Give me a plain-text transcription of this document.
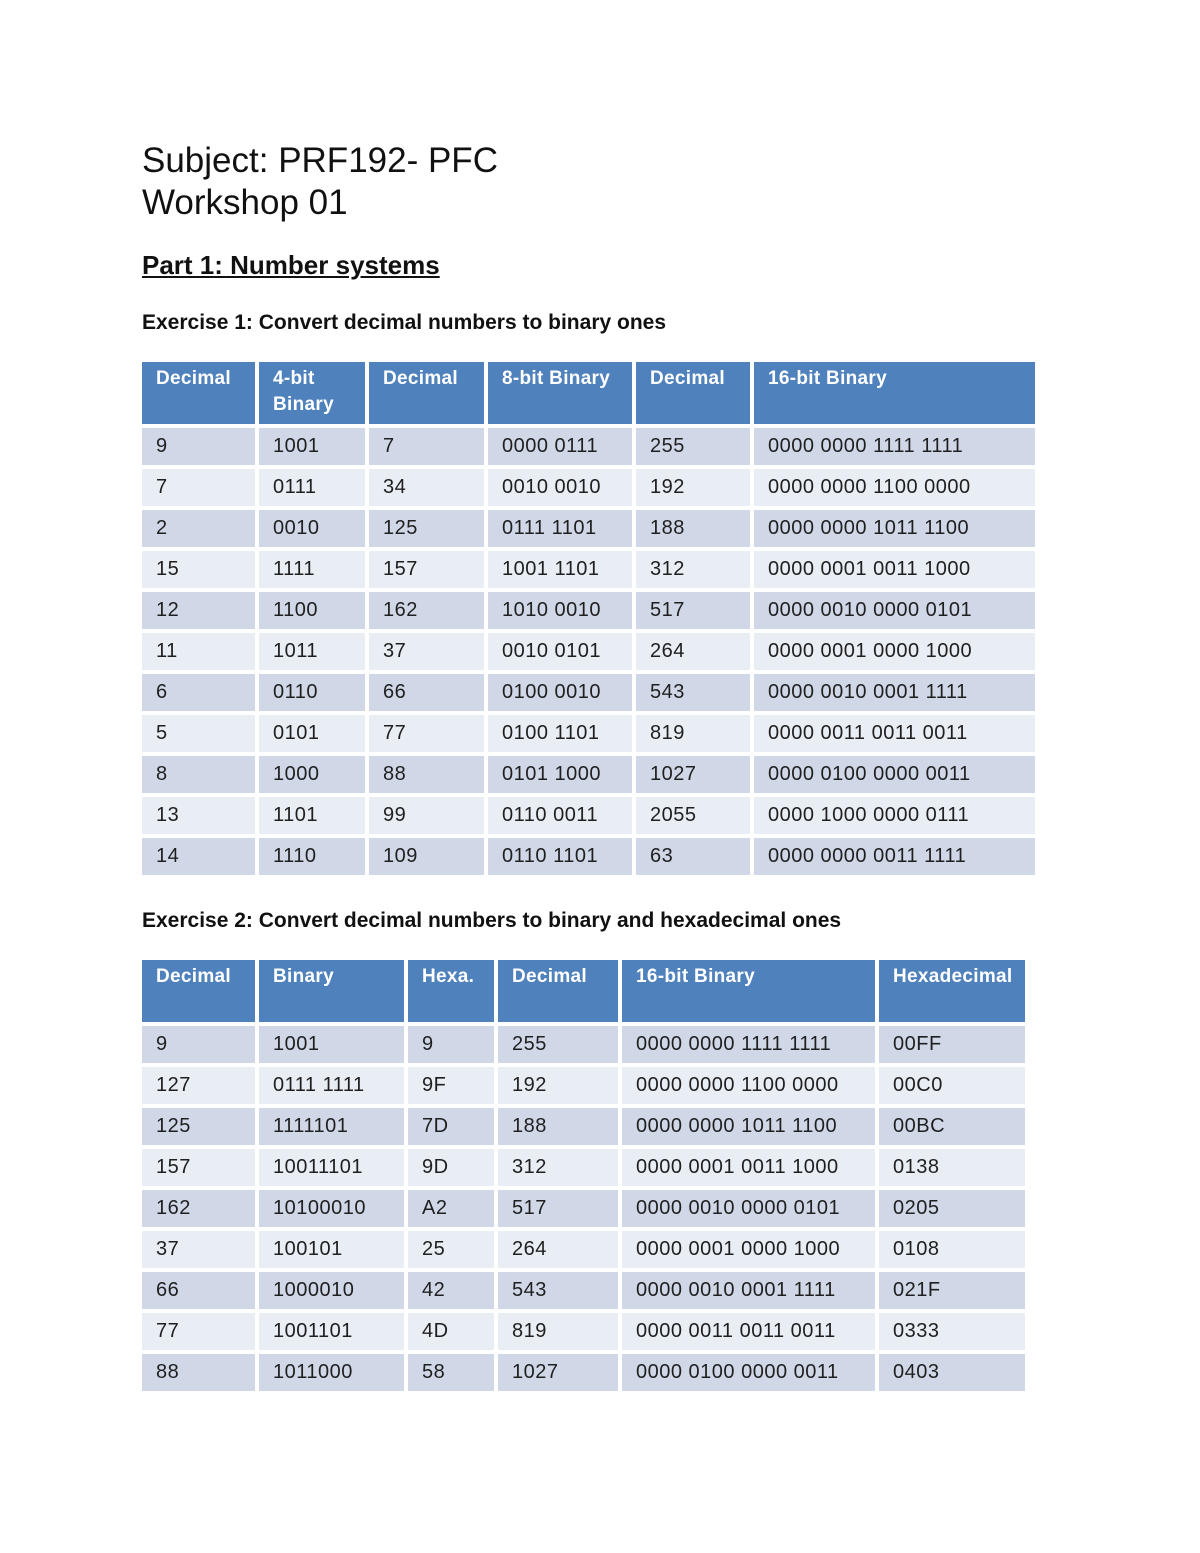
Subject: PRF192- PFC
Workshop 01
Part 1: Number systems
Exercise 1: Convert decimal numbers to binary ones
Decimal	4-bit Binary	Decimal	8-bit Binary	Decimal	16-bit Binary
9	1001	7	0000 0111	255	0000 0000 1111 1111
7	0111	34	0010 0010	192	0000 0000 1100 0000
2	0010	125	0111 1101	188	0000 0000 1011 1100
15	1111	157	1001 1101	312	0000 0001 0011 1000
12	1100	162	1010 0010	517	0000 0010 0000 0101
11	1011	37	0010 0101	264	0000 0001 0000 1000
6	0110	66	0100 0010	543	0000 0010 0001 1111
5	0101	77	0100 1101	819	0000 0011 0011 0011
8	1000	88	0101 1000	1027	0000 0100 0000 0011
13	1101	99	0110 0011	2055	0000 1000 0000 0111
14	1110	109	0110 1101	63	0000 0000 0011 1111
Exercise 2: Convert decimal numbers to binary and hexadecimal ones
Decimal	Binary	Hexa.	Decimal	16-bit Binary	Hexadecimal
9	1001	9	255	0000 0000 1111 1111	00FF
127	0111 1111	9F	192	0000 0000 1100 0000	00C0
125	1111101	7D	188	0000 0000 1011 1100	00BC
157	10011101	9D	312	0000 0001 0011 1000	0138
162	10100010	A2	517	0000 0010 0000 0101	0205
37	100101	25	264	0000 0001 0000 1000	0108
66	1000010	42	543	0000 0010 0001 1111	021F
77	1001101	4D	819	0000 0011 0011 0011	0333
88	1011000	58	1027	0000 0100 0000 0011	0403
